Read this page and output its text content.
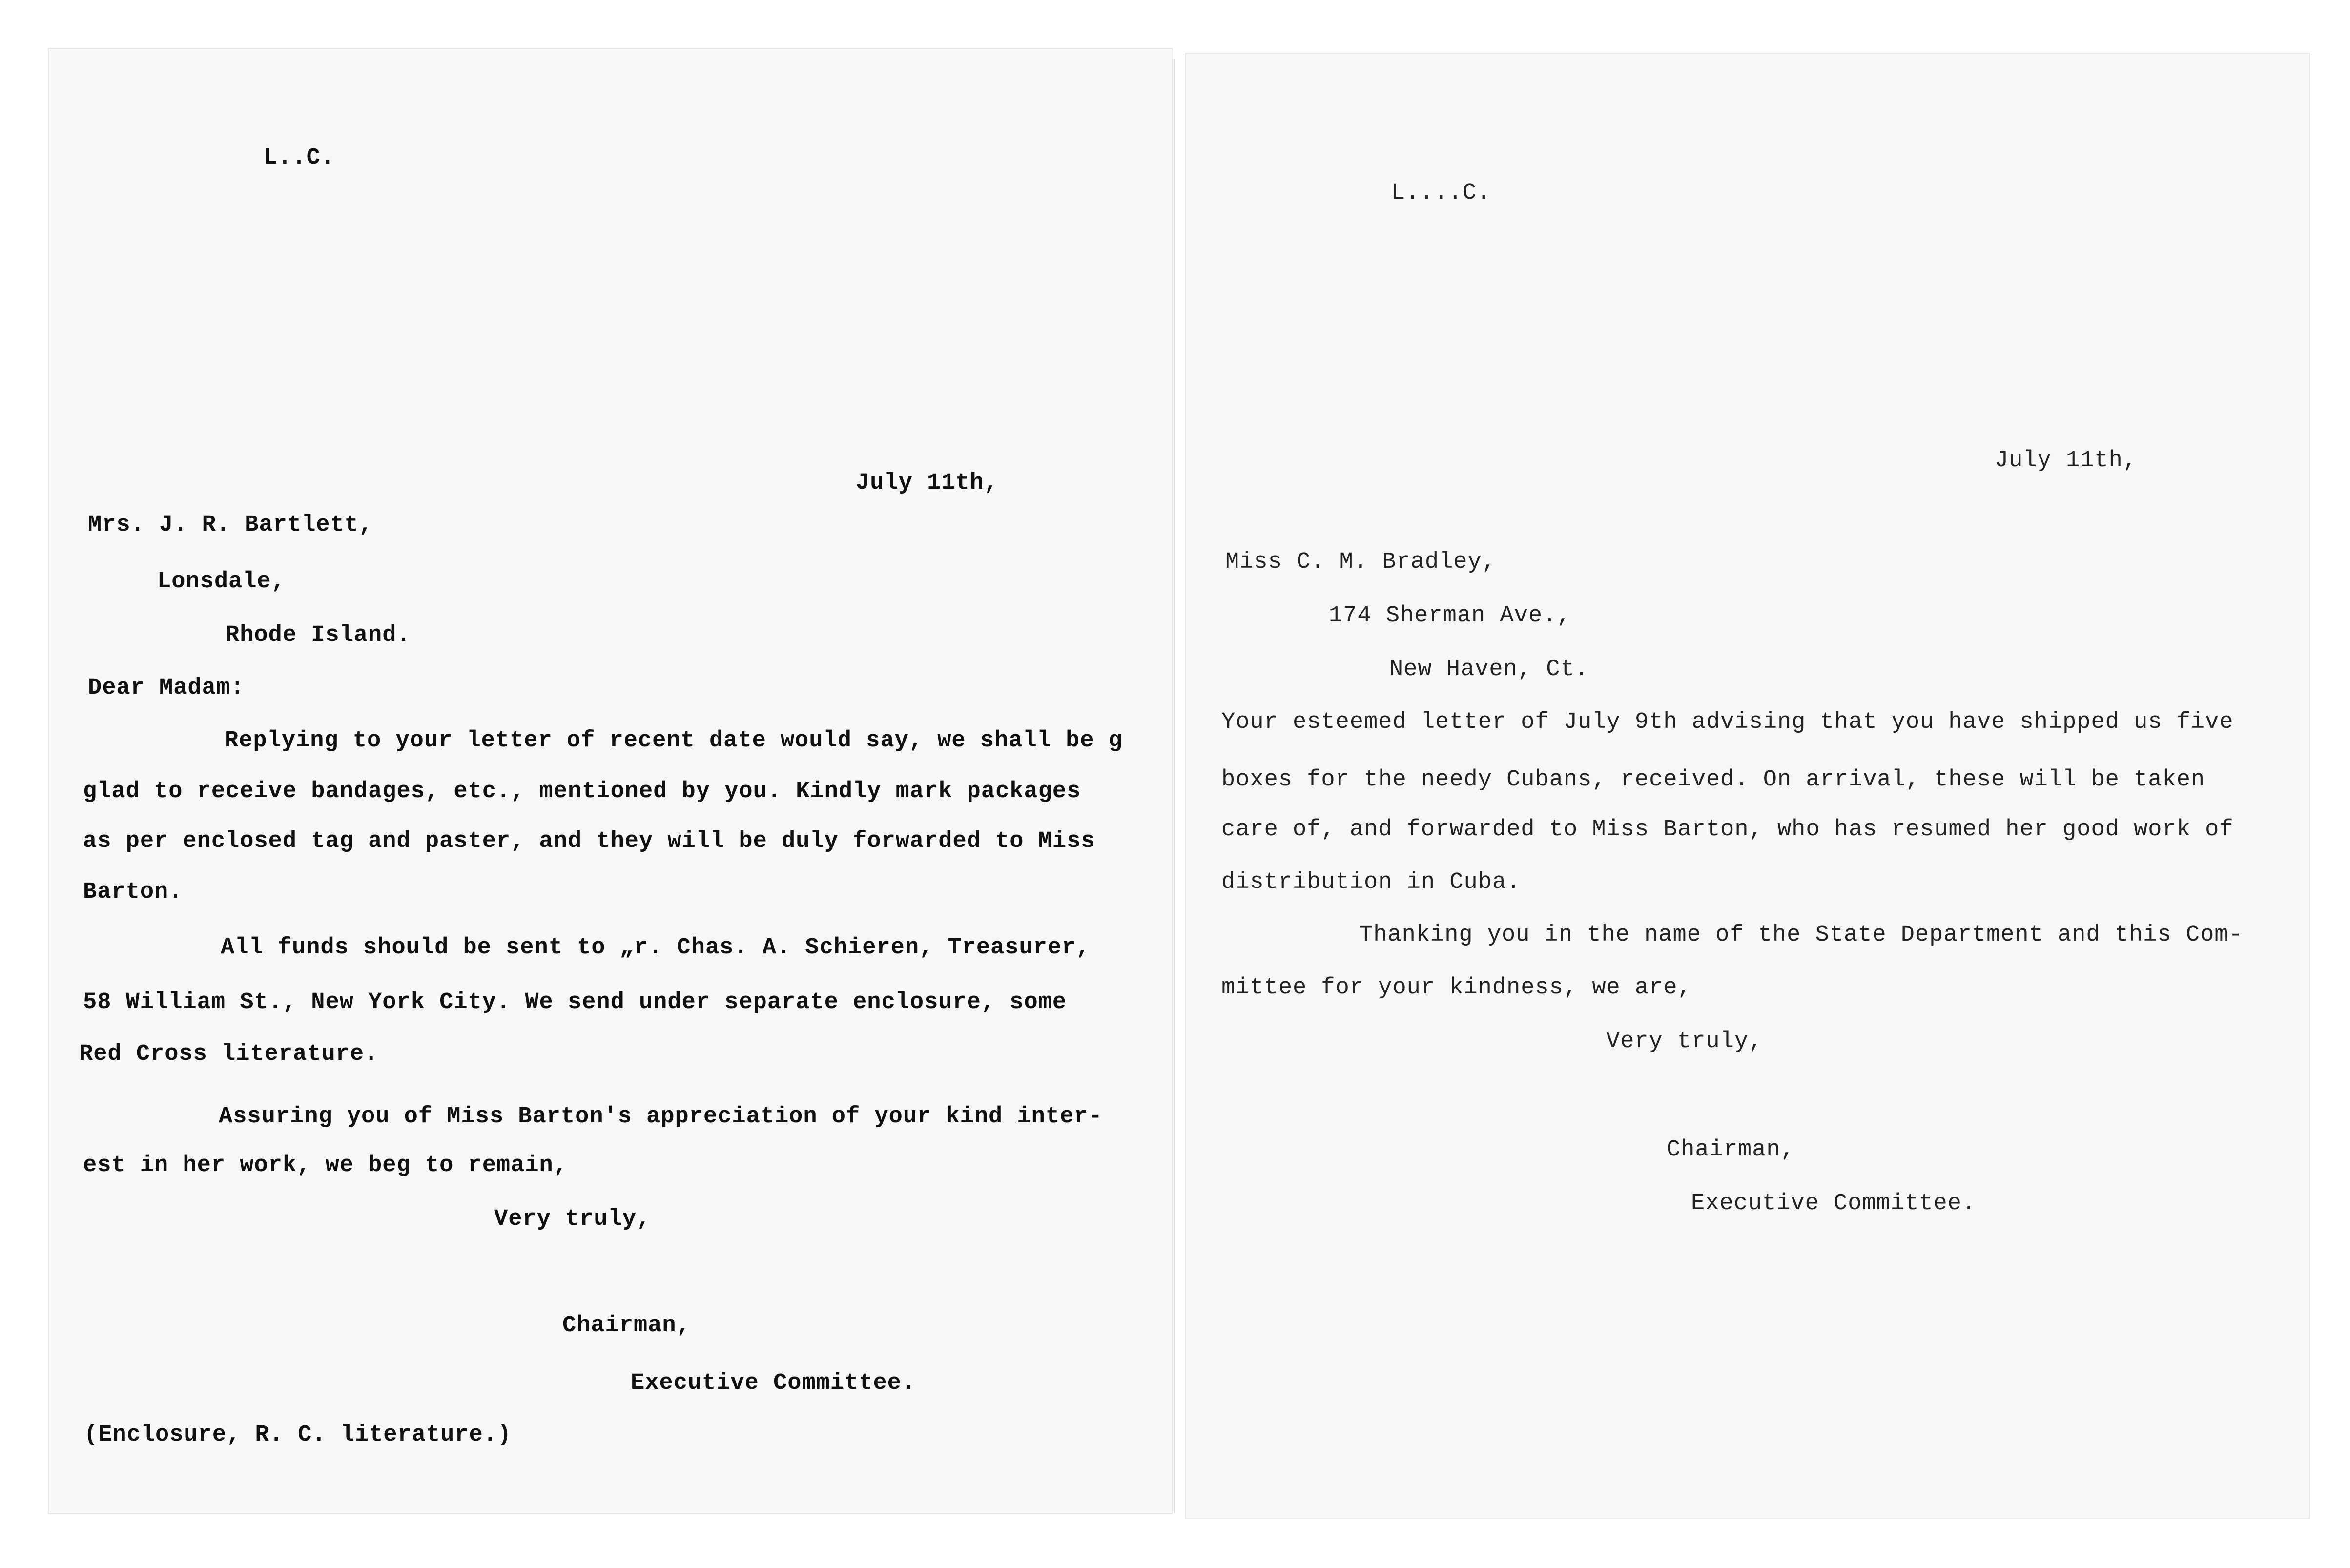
L..C.
July 11th,
Mrs. J. R. Bartlett,
Lonsdale,
Rhode Island.
Dear Madam:
Replying to your letter of recent date would say, we shall be g
glad to receive bandages, etc., mentioned by you. Kindly mark packages
as per enclosed tag and paster, and they will be duly forwarded to Miss
Barton.
All funds should be sent to „r. Chas. A. Schieren, Treasurer,
58 William St., New York City. We send under separate enclosure, some
Red Cross literature.
Assuring you of Miss Barton's appreciation of your kind inter-
est in her work, we beg to remain,
Very truly,
Chairman,
Executive Committee.
(Enclosure, R. C. literature.)
L....C.
July 11th,
Miss C. M. Bradley,
174 Sherman Ave.,
New Haven, Ct.
Your esteemed letter of July 9th advising that you have shipped us five
boxes for the needy Cubans, received. On arrival, these will be taken
care of, and forwarded to Miss Barton, who has resumed her good work of
distribution in Cuba.
Thanking you in the name of the State Department and this Com-
mittee for your kindness, we are,
Very truly,
Chairman,
Executive Committee.
